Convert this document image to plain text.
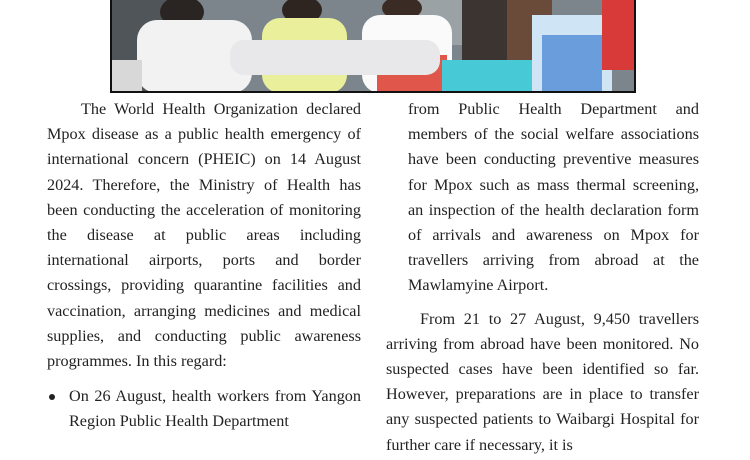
The World Health Organization declared Mpox disease as a public health emergency of international concern (PHEIC) on 14 August 2024. Therefore, the Ministry of Health has been conducting the acceleration of monitoring the disease at public areas including international airports, ports and border crossings, providing quarantine facilities and vaccination, arranging medicines and medical supplies, and conducting public awareness programmes. In this regard:

On 26 August, health workers from Yangon Region Public Health Department

from Public Health Department and members of the social welfare associations have been conducting preventive measures for Mpox such as mass thermal screening, an inspection of the health declaration form of arrivals and awareness on Mpox for travellers arriving from abroad at the Mawlamyine Airport.

From 21 to 27 August, 9,450 travellers arriving from abroad have been monitored. No suspected cases have been identified so far. However, preparations are in place to transfer any suspected patients to Waibargi Hospital for further care if necessary, it is
